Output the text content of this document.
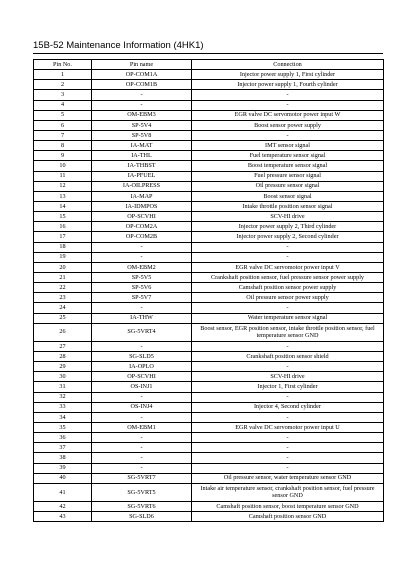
15B-52 Maintenance Information (4HK1)
Pin No.	Pin name	Connection
1	OP-COM1A	Injector power supply 1, First cylinder
2	OP-COM1B	Injector power supply 1, Fourth cylinder
3	-	-
4	-	-
5	OM-EBM3	EGR valve DC servomotor power input W
6	SP-5V4	Boost sensor power supply
7	SP-5V8	-
8	IA-MAT	IMT sensor signal
9	IA-THL	Fuel temperature sensor signal
10	IA-THBST	Boost temperature sensor signal
11	IA-PFUEL	Fuel pressure sensor signal
12	IA-OILPRESS	Oil pressure sensor signal
13	IA-MAP	Boost sensor signal
14	IA-IDMPOS	Intake throttle position sensor signal
15	OP-SCVHI	SCV-HI drive
16	OP-COM2A	Injector power supply 2, Third cylinder
17	OP-COM2B	Injector power supply 2, Second cylinder
18	-	-
19	-	-
20	OM-EBM2	EGR valve DC servomotor power input V
21	SP-5V5	Crankshaft position sensor, fuel pressure sensor power supply
22	SP-5V6	Camshaft position sensor power supply
23	SP-5V7	Oil pressure sensor power supply
24	-	-
25	IA-THW	Water temperature sensor signal
26	SG-5VRT4	Boost sensor, EGR position sensor, intake throttle position sensor, fuel temperature sensor GND
27	-	-
28	SG-SLD5	Crankshaft position sensor shield
29	IA-OPLO	-
30	OP-SCVHI	SCV-HI drive
31	OS-INJ1	Injector 1, First cylinder
32	-	-
33	OS-INJ4	Injector 4, Second cylinder
34	-	-
35	OM-EBM1	EGR valve DC servomotor power input U
36	-	-
37	-	-
38	-	-
39	-	-
40	SG-5VRT7	Oil pressure sensor, water temperature sensor GND
41	SG-5VRT5	Intake air temperature sensor, crankshaft position sensor, fuel pressure sensor GND
42	SG-5VRT6	Camshaft position sensor, boost temperature sensor GND
43	SG-SLD6	Camshaft position sensor GND
